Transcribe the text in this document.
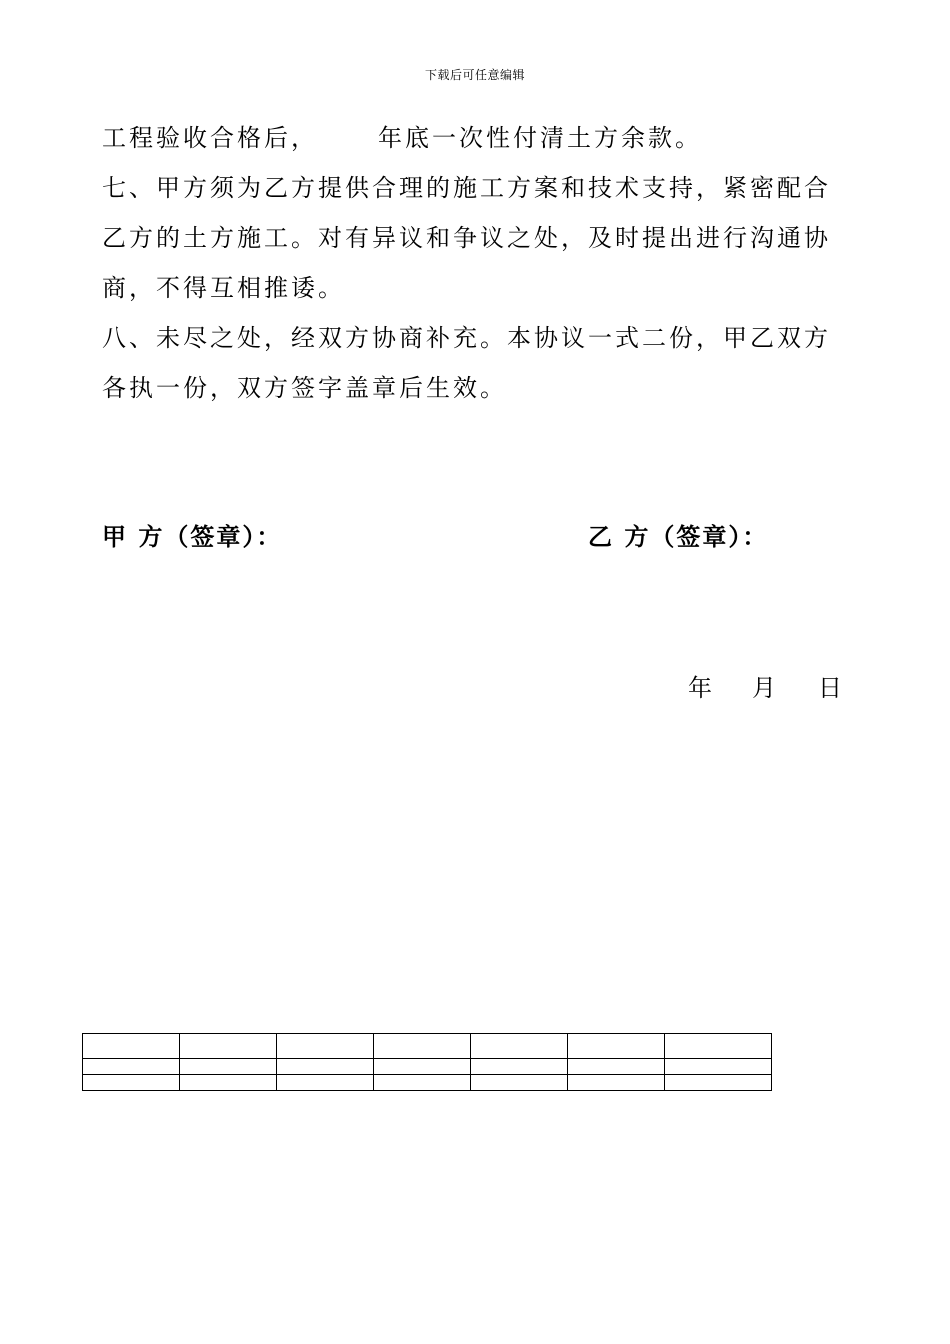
下载后可任意编辑

工程验收合格后，	年底一次性付清土方余款。

七、甲方须为乙方提供合理的施工方案和技术支持，紧密配合乙方的土方施工。对有异议和争议之处，及时提出进行沟通协商，不得互相推诿。

八、未尽之处，经双方协商补充。本协议一式二份，甲乙双方各执一份，双方签字盖章后生效。

甲 方（签章）：	乙 方（签章）：
年 月 日
